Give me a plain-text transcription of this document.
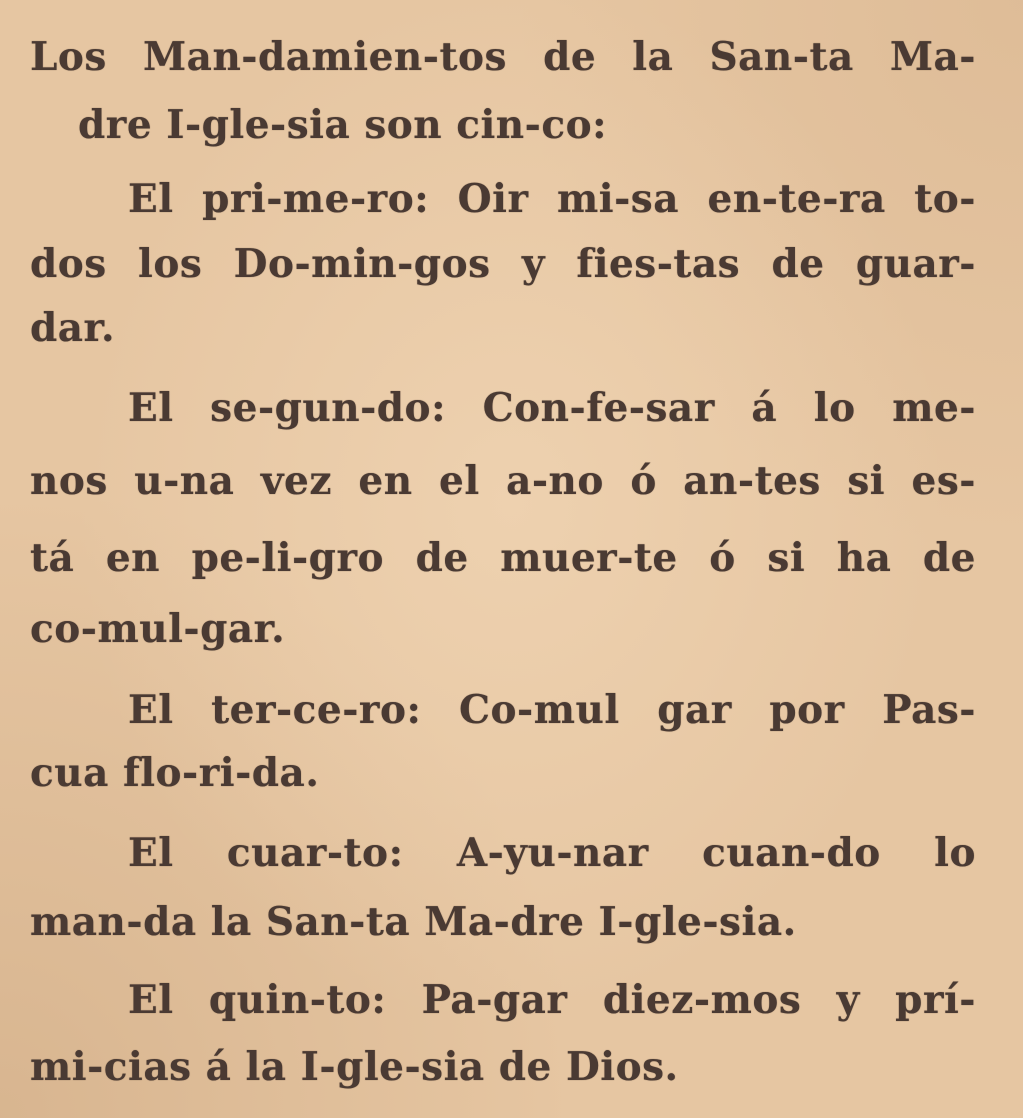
Los Man-damien-tos de la San-ta Ma-
dre I-gle-sia son cin-co:
El pri-me-ro: Oir mi-sa en-te-ra to-
dos los Do-min-gos y fies-tas de guar-
dar.
El se-gun-do: Con-fe-sar á lo me-
nos u-na vez en el a-no ó an-tes si es-
tá en pe-li-gro de muer-te ó si ha de
co-mul-gar.
El ter-ce-ro: Co-mul gar por Pas-
cua flo-ri-da.
El cuar-to: A-yu-nar cuan-do lo
man-da la San-ta Ma-dre I-gle-sia.
El quin-to: Pa-gar diez-mos y prí-
mi-cias á la I-gle-sia de Dios.
